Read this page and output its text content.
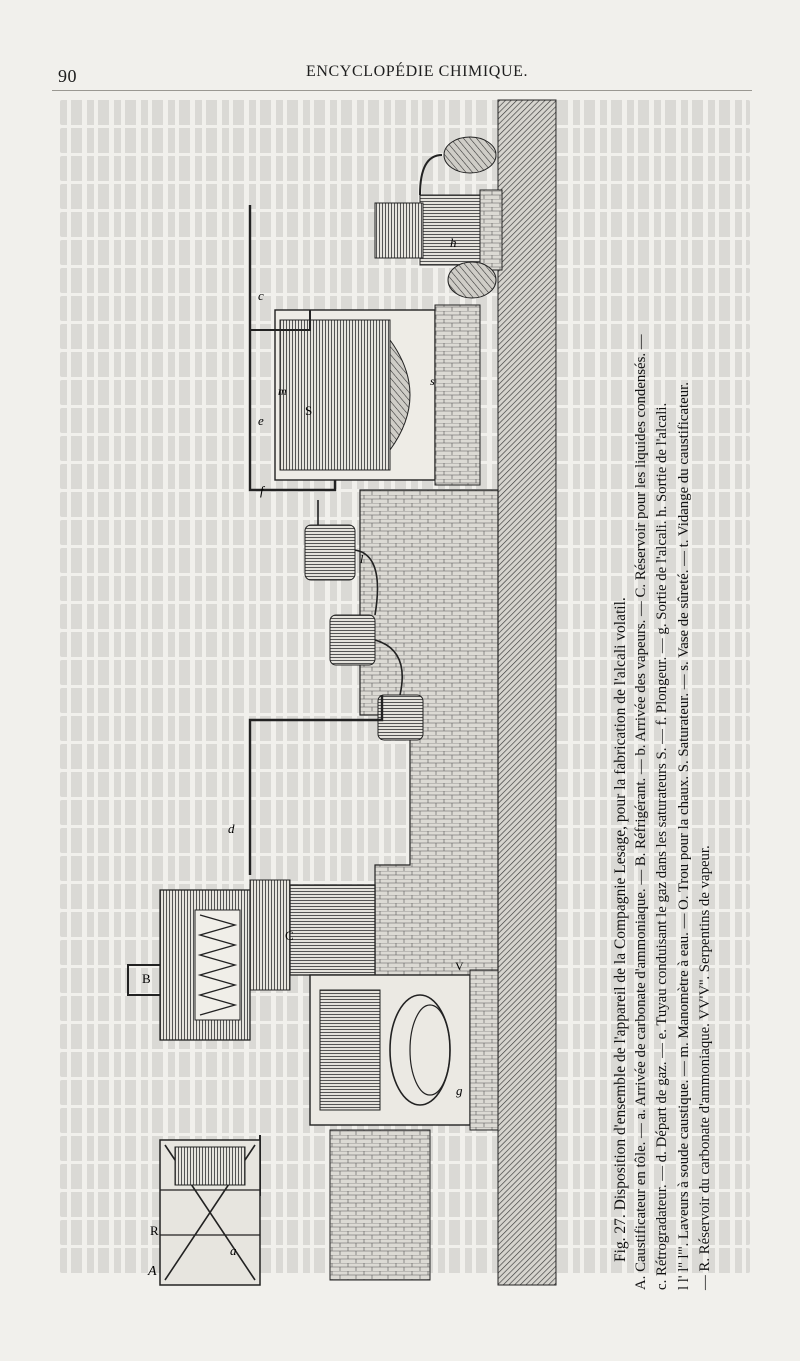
90	ENCYCLOPÉDIE CHIMIQUE.
A
B
C
S
R
a
c
d
e
f
g
h
m
s
l
V	Fig. 27. Disposition d'ensemble de l'appareil de la Compagnie Lesage, pour la fabrication de l'alcali volatil. A. Caustificateur en tôle. — a. Arrivée de carbonate d'ammoniaque. — B. Réfrigérant. — b. Arrivée des vapeurs. — C. Réservoir pour les liquides condensés. — c. Rétrogradateur. — d. Départ de gaz. — e. Tuyau conduisant le gaz dans les saturateurs S. — f. Plongeur. — g. Sortie de l'alcali. h. Sortie de l'alcali. l l' l'' l'''. Laveurs à soude caustique. — m. Manomètre à eau. — O. Trou pour la chaux. S. Saturateur. — s. Vase de sûreté. — t. Vidange du caustificateur. — R. Réservoir du carbonate d'ammoniaque. VV'V''. Serpentins de vapeur.
